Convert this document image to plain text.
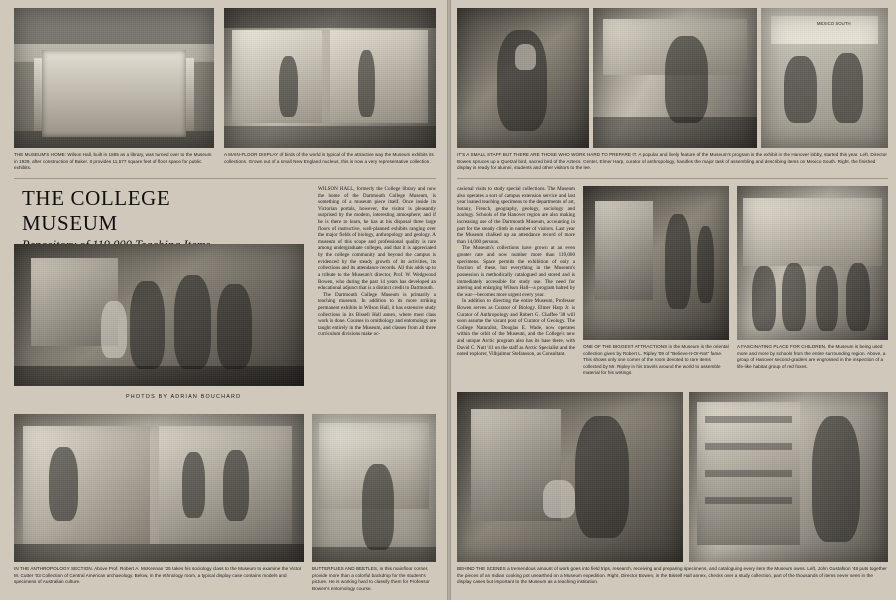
THE MUSEUM'S HOME: Wilson Hall, built in 1885 as a library, was turned over to the Museum in 1929, after construction of Baker. It provides 11,577 square feet of floor space for public exhibits.
A MAIN-FLOOR DISPLAY of birds of the world is typical of the attractive way the Museum exhibits its collections. Grown out of a small New England nucleus, this is now a very representative collection.
THE COLLEGE MUSEUM

WILSON HALL, formerly the College library and now the home of the Dartmouth College Museum, is something of a museum piece itself. Once inside its Victorian portals, however, the visitor is pleasantly surprised by the modern, interesting atmosphere; and if he is there to learn, he has at his disposal three large floors of instructive, well-planned exhibits ranging over the major fields of biology, anthropology and geology. A museum of this scope and professional quality is rare among undergraduate colleges, and that it is appreciated by the college community and beyond the campus is evidenced by the steady growth of its activities, its collections and its attendance records. All this adds up to a tribute to the Museum's director, Prof. W. Wedgwood Bowen, who during the past 14 years has developed an educational adjunct that is a distinct credit to Dartmouth.

The Dartmouth College Museum is primarily a teaching museum. In addition to its more striking permanent exhibits in Wilson Hall, it has extensive study collections in its Bissell Hall annex, where most class work is done. Courses in ornithology and entomology are taught entirely in the Museum, and classes from all three curriculum divisions make oc-

PHOTOS BY ADRIAN BOUCHARD
IN THE ANTHROPOLOGY SECTION. Above Prof. Robert A. McKennan '25 takes his sociology class to the Museum to examine the Victor M. Cutter '03 Collection of Central American archaeology. Below, in the ethnology room, a typical display case contains models and specimens of Australian culture.
BUTTERFLIES AND BEETLES, in this mainfloor corner, provide more than a colorful backdrop for the student's picture. He is working hard to classify them for Professor Bowen's entomology course.
MEXICO SOUTH
IT'S A SMALL STAFF BUT THERE ARE THOSE WHO WORK HARD TO PREPARE IT. A popular and lively feature of the Museum's program is the exhibit in the Hanover lobby, started this year. Left, Director Bowen spruces up a Quetzal bird, sacred bird of the Aztecs. Center, Elmer Harp, curator of anthropology, handles the major task of assembling and describing items on Mexico South. Right, the finished display is ready for alumni, students and other visitors to the lee.

casional visits to study special collections. The Museum also operates a sort of campus extension service and last year loaned teaching specimens to the departments of art, botany, French, geography, geology, sociology and zoology. Schools of the Hanover region are also making increasing use of the Dartmouth Museum, accounting in part for the steady climb in number of visitors. Last year the Museum chalked up an attendance record of more than 14,000 persons.

The Museum's collections have grown at an even greater rate and now number more than 119,000 specimens. Space permits the exhibition of only a fraction of these, but everything in the Museum's possession is methodically catalogued and stored and is immediately accessible for study use. The need for altering and enlarging Wilson Hall—a program halted by the war—becomes more urgent every year.

In addition to directing the entire Museum, Professor Bowen serves as Curator of Biology. Elmer Harp Jr. is Curator of Anthropology and Robert G. Chaffee '38 will soon assume the vacant post of Curator of Geology. The College Naturalist, Douglas E. Wade, now operates within the orbit of the Museum, and the College's new and unique Arctic program also has its base there, with David C. Nutt '41 on the staff as Arctic Specialist and the noted explorer, Vilhjalmur Stefansson, as Consultant.

ONE OF THE BIGGEST ATTRACTIONS in the Museum is the oriental collection given by Robert L. Ripley '09 of "Believe-It-Or-Not" fame. This shows only one corner of the room devoted to rare items collected by Mr. Ripley in his travels around the world to assemble material for his writings.
A FASCINATING PLACE FOR CHILDREN, the Museum is being used more and more by schools from the entire surrounding region. Above, a group of Hanover second-graders are engrossed in the inspection of a life-like habitat group of red foxes.
BEHIND THE SCENES a tremendous amount of work goes into field trips, research, receiving and preparing specimens, and cataloguing every item the Museum owns. Left, John Gustafson '48 puts together the pieces of an Indian cooking pot unearthed on a Museum expedition. Right, Director Bowen, in the Bissell Hall annex, checks over a study collection, part of the thousands of items never seen in the display cases but important to the Museum as a teaching institution.
